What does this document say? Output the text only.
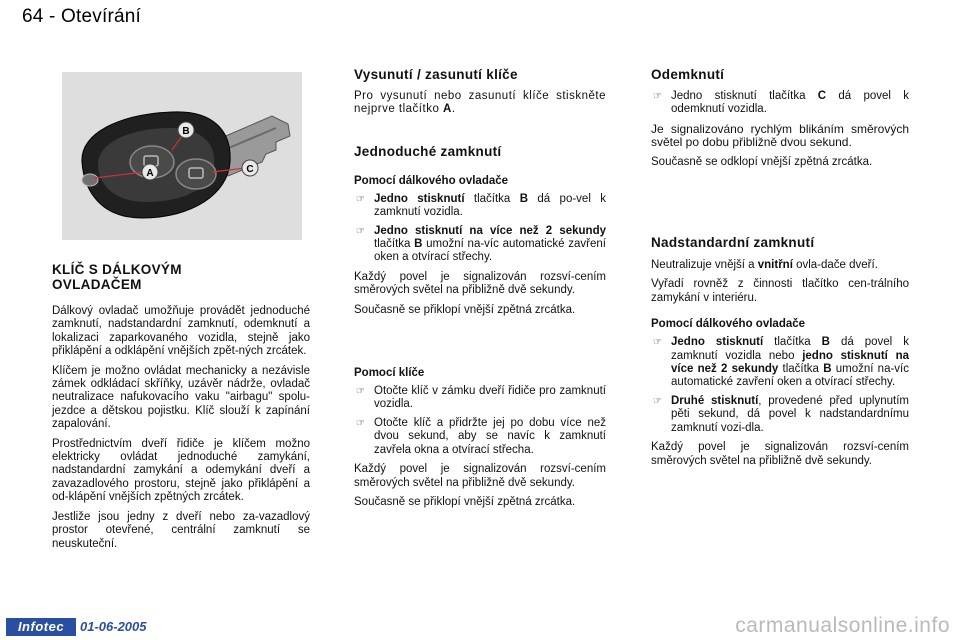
64 - Otevírání
B
C
A
KLÍČ S DÁLKOVÝM
OVLADAČEM

Dálkový ovladač umožňuje provádět jednoduché zamknutí, nadstandardní zamknutí, odemknutí a lokalizaci zaparkovaného vozidla, stejně jako přiklápění a odklápění vnějších zpět-ných zrcátek.

Klíčem je možno ovládat mechanicky a nezávisle zámek odkládací skříňky, uzávěr nádrže, ovladač neutralizace nafukovacího vaku "airbagu" spolu-jezdce a dětskou pojistku. Klíč slouží k zapínání zapalování.

Prostřednictvím dveří řidiče je klíčem možno elektricky ovládat jednoduché zamykání, nadstandardní zamykání a odemykání dveří a zavazadlového prostoru, stejně jako přiklápění a od-klápění vnějších zpětných zrcátek.

Jestliže jsou jedny z dveří nebo za-vazadlový prostor otevřené, centrální zamknutí se neuskuteční.

Vysunutí / zasunutí klíče

Pro vysunutí nebo zasunutí klíče stiskněte nejprve tlačítko A.

Jednoduché zamknutí
Pomocí dálkového ovladače
☞ Jedno stisknutí tlačítka B dá po-vel k zamknutí vozidla.
☞ Jedno stisknutí na více než 2 sekundy tlačítka B umožní na-víc automatické zavření oken a otvírací střechy.

Každý povel je signalizován rozsví-cením směrových světel na přibližně dvě sekundy.

Současně se přiklopí vnější zpětná zrcátka.

Pomocí klíče
☞ Otočte klíč v zámku dveří řidiče pro zamknutí vozidla.
☞ Otočte klíč a přidržte jej po dobu více než dvou sekund, aby se navíc k zamknutí zavřela okna a otvírací střecha.

Každý povel je signalizován rozsví-cením směrových světel na přibližně dvě sekundy.

Současně se přiklopí vnější zpětná zrcátka.

Odemknutí
☞ Jedno stisknutí tlačítka C dá povel k odemknutí vozidla.

Je signalizováno rychlým blikáním směrových světel po dobu přibližně dvou sekund.

Současně se odklopí vnější zpětná zrcátka.

Nadstandardní zamknutí

Neutralizuje vnější a vnitřní ovla-dače dveří.

Vyřadí rovněž z činnosti tlačítko cen-trálního zamykání v interiéru.

Pomocí dálkového ovladače
☞ Jedno stisknutí tlačítka B dá povel k zamknutí vozidla nebo jedno stisknutí na více než 2 sekundy tlačítka B umožní na-víc automatické zavření oken a otvírací střechy.
☞ Druhé stisknutí, provedené před uplynutím pěti sekund, dá povel k nadstandardnímu zamknutí vozi-dla.

Každý povel je signalizován rozsví-cením směrových světel na přibližně dvě sekundy.

Infotec	01-06-2005	carmanualsonline.info
